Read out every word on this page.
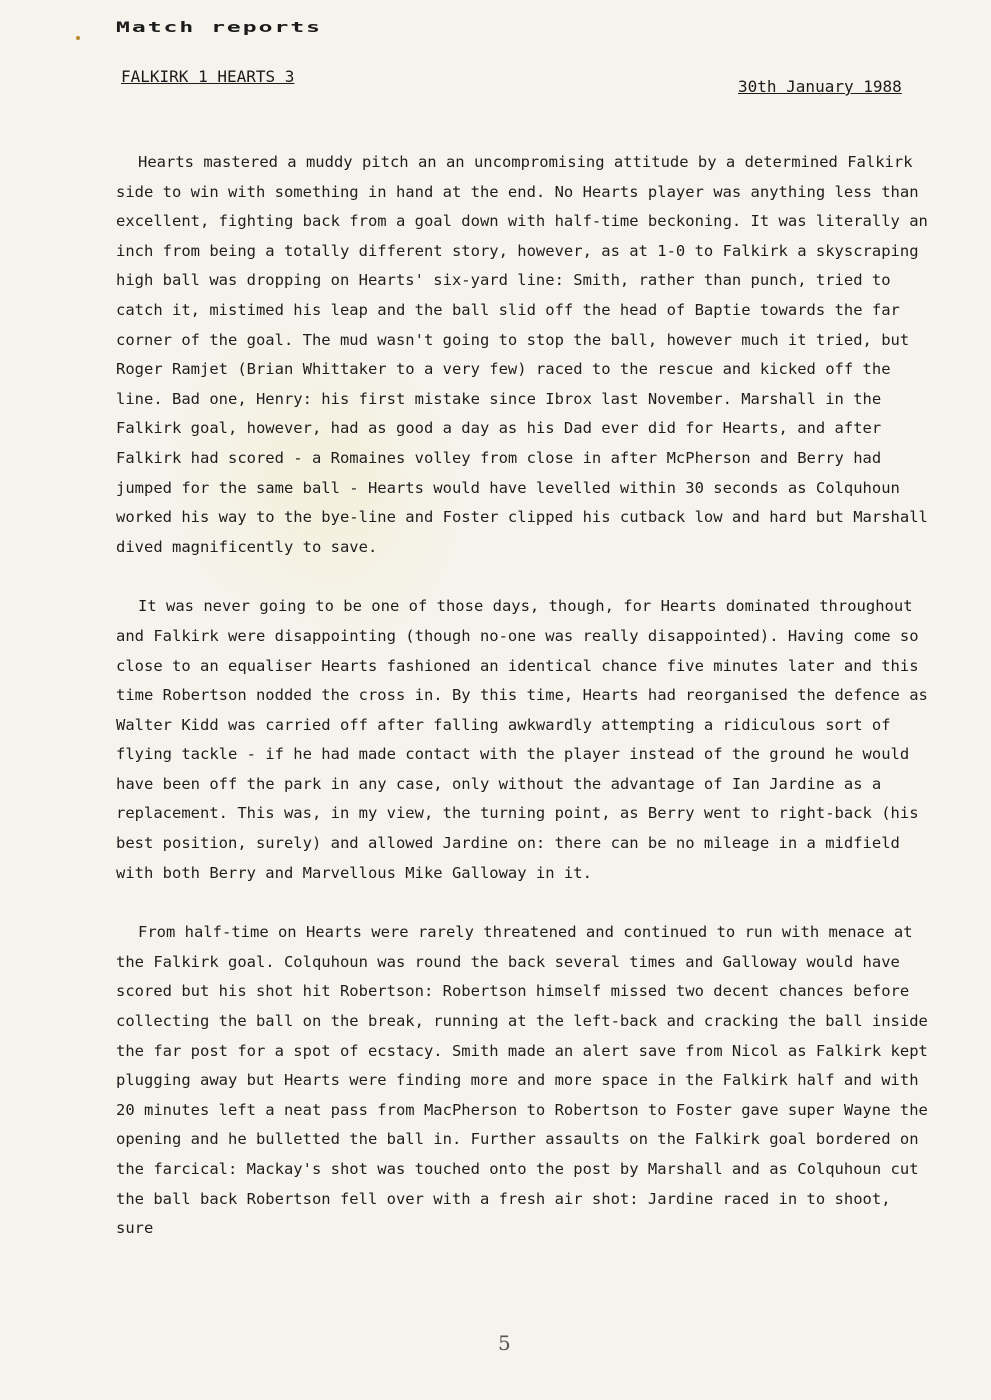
Match reports
FALKIRK 1 HEARTS 3
30th January 1988

Hearts mastered a muddy pitch an an uncompromising attitude by a determined Falkirk side to win with something in hand at the end. No Hearts player was anything less than excellent, fighting back from a goal down with half-time beckoning. It was literally an inch from being a totally different story, however, as at 1-0 to Falkirk a skyscraping high ball was dropping on Hearts' six-yard line: Smith, rather than punch, tried to catch it, mistimed his leap and the ball slid off the head of Baptie towards the far corner of the goal. The mud wasn't going to stop the ball, however much it tried, but Roger Ramjet (Brian Whittaker to a very few) raced to the rescue and kicked off the line. Bad one, Henry: his first mistake since Ibrox last November. Marshall in the Falkirk goal, however, had as good a day as his Dad ever did for Hearts, and after Falkirk had scored - a Romaines volley from close in after McPherson and Berry had jumped for the same ball - Hearts would have levelled within 30 seconds as Colquhoun worked his way to the bye-line and Foster clipped his cutback low and hard but Marshall dived magnificently to save.

It was never going to be one of those days, though, for Hearts dominated throughout and Falkirk were disappointing (though no-one was really disappointed). Having come so close to an equaliser Hearts fashioned an identical chance five minutes later and this time Robertson nodded the cross in. By this time, Hearts had reorganised the defence as Walter Kidd was carried off after falling awkwardly attempting a ridiculous sort of flying tackle - if he had made contact with the player instead of the ground he would have been off the park in any case, only without the advantage of Ian Jardine as a replacement. This was, in my view, the turning point, as Berry went to right-back (his best position, surely) and allowed Jardine on: there can be no mileage in a midfield with both Berry and Marvellous Mike Galloway in it.

From half-time on Hearts were rarely threatened and continued to run with menace at the Falkirk goal. Colquhoun was round the back several times and Galloway would have scored but his shot hit Robertson: Robertson himself missed two decent chances before collecting the ball on the break, running at the left-back and cracking the ball inside the far post for a spot of ecstacy. Smith made an alert save from Nicol as Falkirk kept plugging away but Hearts were finding more and more space in the Falkirk half and with 20 minutes left a neat pass from MacPherson to Robertson to Foster gave super Wayne the opening and he bulletted the ball in. Further assaults on the Falkirk goal bordered on the farcical: Mackay's shot was touched onto the post by Marshall and as Colquhoun cut the ball back Robertson fell over with a fresh air shot: Jardine raced in to shoot, sure

5
